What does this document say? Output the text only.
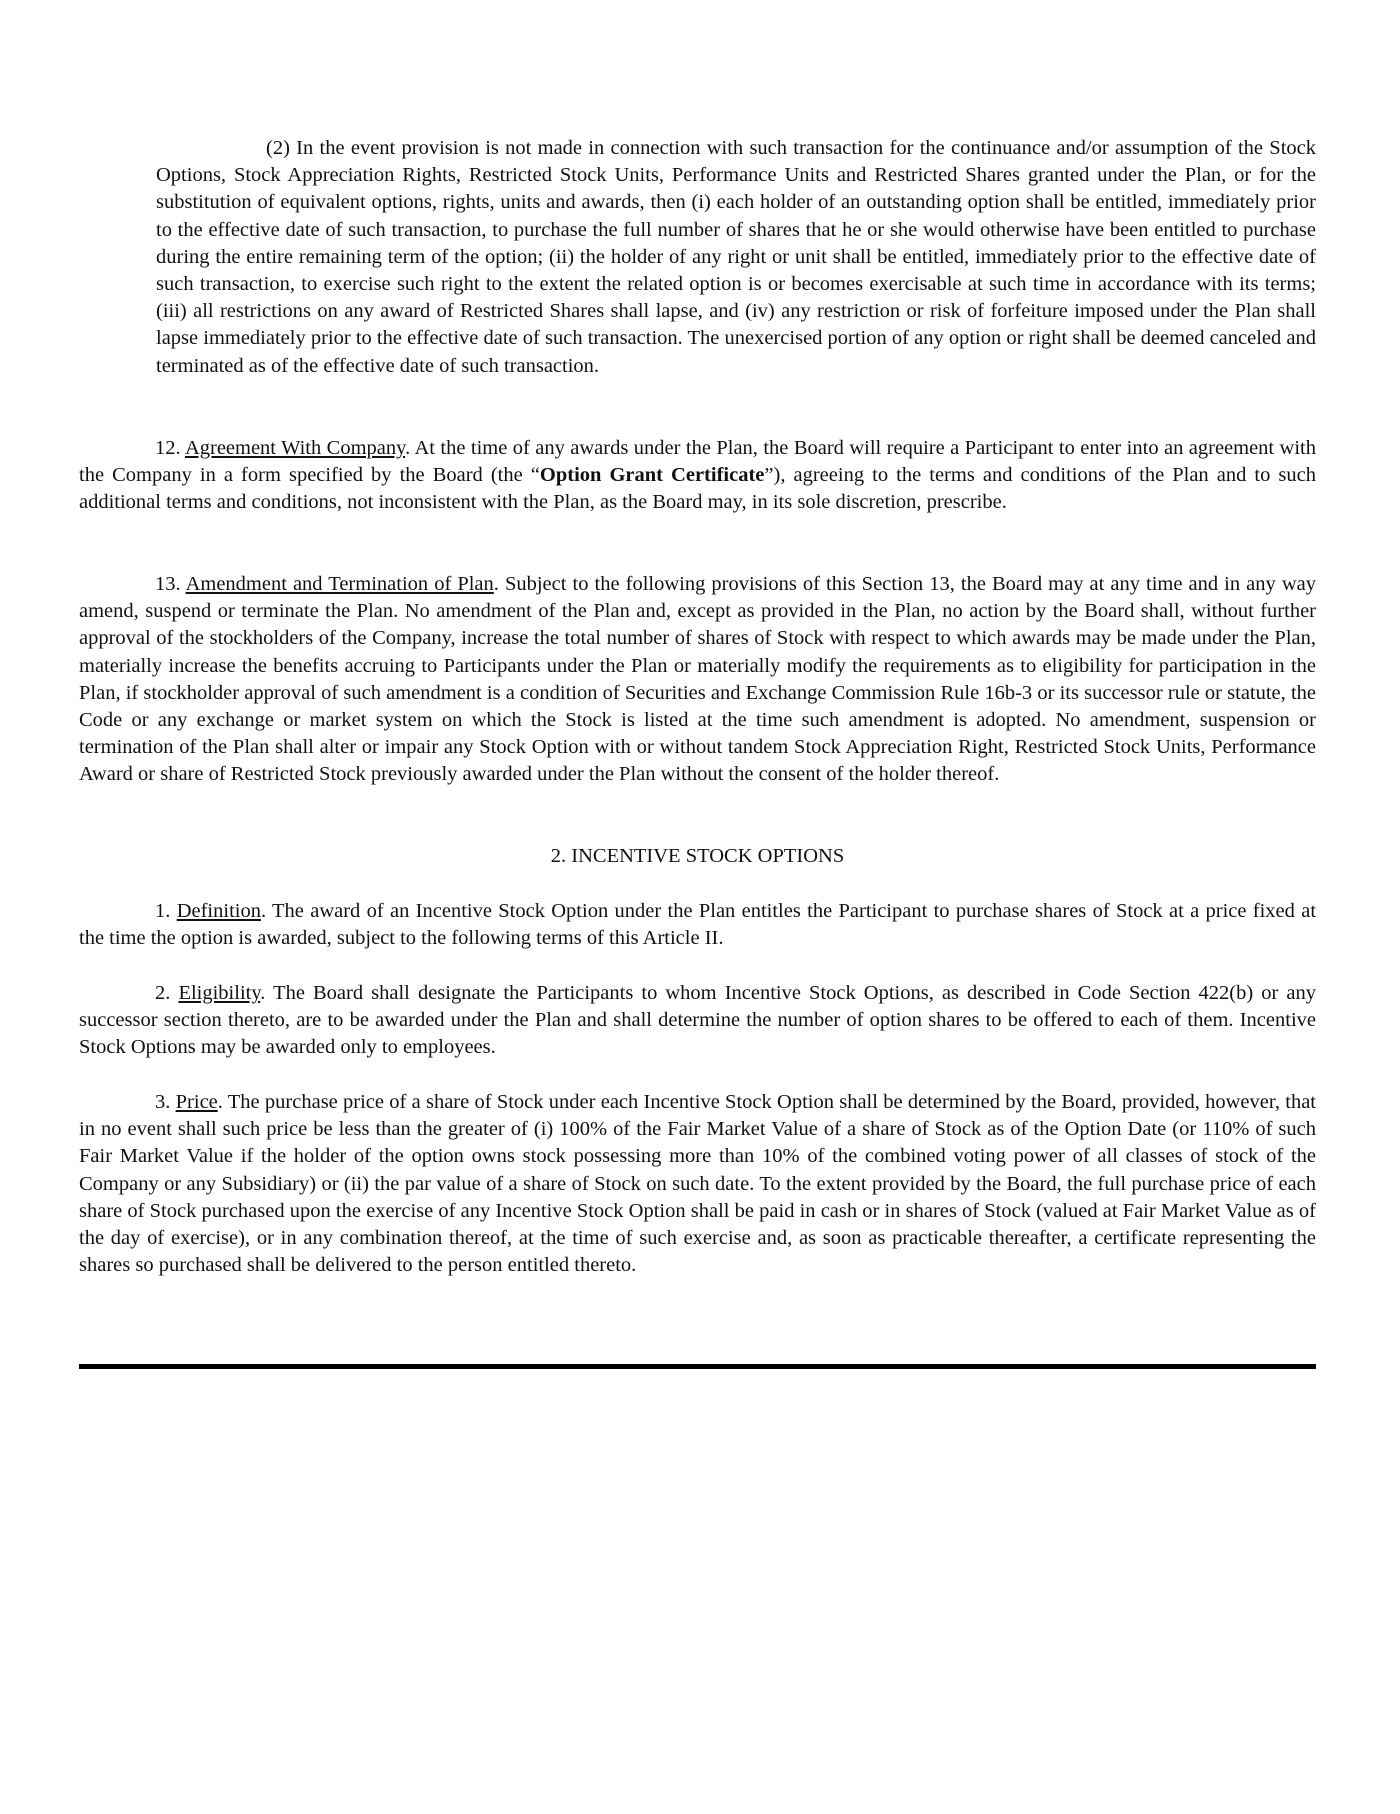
(2) In the event provision is not made in connection with such transaction for the continuance and/or assumption of the Stock Options, Stock Appreciation Rights, Restricted Stock Units, Performance Units and Restricted Shares granted under the Plan, or for the substitution of equivalent options, rights, units and awards, then (i) each holder of an outstanding option shall be entitled, immediately prior to the effective date of such transaction, to purchase the full number of shares that he or she would otherwise have been entitled to purchase during the entire remaining term of the option; (ii) the holder of any right or unit shall be entitled, immediately prior to the effective date of such transaction, to exercise such right to the extent the related option is or becomes exercisable at such time in accordance with its terms; (iii) all restrictions on any award of Restricted Shares shall lapse, and (iv) any restriction or risk of forfeiture imposed under the Plan shall lapse immediately prior to the effective date of such transaction. The unexercised portion of any option or right shall be deemed canceled and terminated as of the effective date of such transaction.

12. Agreement With Company. At the time of any awards under the Plan, the Board will require a Participant to enter into an agreement with the Company in a form specified by the Board (the “Option Grant Certificate”), agreeing to the terms and conditions of the Plan and to such additional terms and conditions, not inconsistent with the Plan, as the Board may, in its sole discretion, prescribe.

13. Amendment and Termination of Plan. Subject to the following provisions of this Section 13, the Board may at any time and in any way amend, suspend or terminate the Plan. No amendment of the Plan and, except as provided in the Plan, no action by the Board shall, without further approval of the stockholders of the Company, increase the total number of shares of Stock with respect to which awards may be made under the Plan, materially increase the benefits accruing to Participants under the Plan or materially modify the requirements as to eligibility for participation in the Plan, if stockholder approval of such amendment is a condition of Securities and Exchange Commission Rule 16b-3 or its successor rule or statute, the Code or any exchange or market system on which the Stock is listed at the time such amendment is adopted. No amendment, suspension or termination of the Plan shall alter or impair any Stock Option with or without tandem Stock Appreciation Right, Restricted Stock Units, Performance Award or share of Restricted Stock previously awarded under the Plan without the consent of the holder thereof.

2. INCENTIVE STOCK OPTIONS

1. Definition. The award of an Incentive Stock Option under the Plan entitles the Participant to purchase shares of Stock at a price fixed at the time the option is awarded, subject to the following terms of this Article II.

2. Eligibility. The Board shall designate the Participants to whom Incentive Stock Options, as described in Code Section 422(b) or any successor section thereto, are to be awarded under the Plan and shall determine the number of option shares to be offered to each of them. Incentive Stock Options may be awarded only to employees.

3. Price. The purchase price of a share of Stock under each Incentive Stock Option shall be determined by the Board, provided, however, that in no event shall such price be less than the greater of (i) 100% of the Fair Market Value of a share of Stock as of the Option Date (or 110% of such Fair Market Value if the holder of the option owns stock possessing more than 10% of the combined voting power of all classes of stock of the Company or any Subsidiary) or (ii) the par value of a share of Stock on such date. To the extent provided by the Board, the full purchase price of each share of Stock purchased upon the exercise of any Incentive Stock Option shall be paid in cash or in shares of Stock (valued at Fair Market Value as of the day of exercise), or in any combination thereof, at the time of such exercise and, as soon as practicable thereafter, a certificate representing the shares so purchased shall be delivered to the person entitled thereto.
